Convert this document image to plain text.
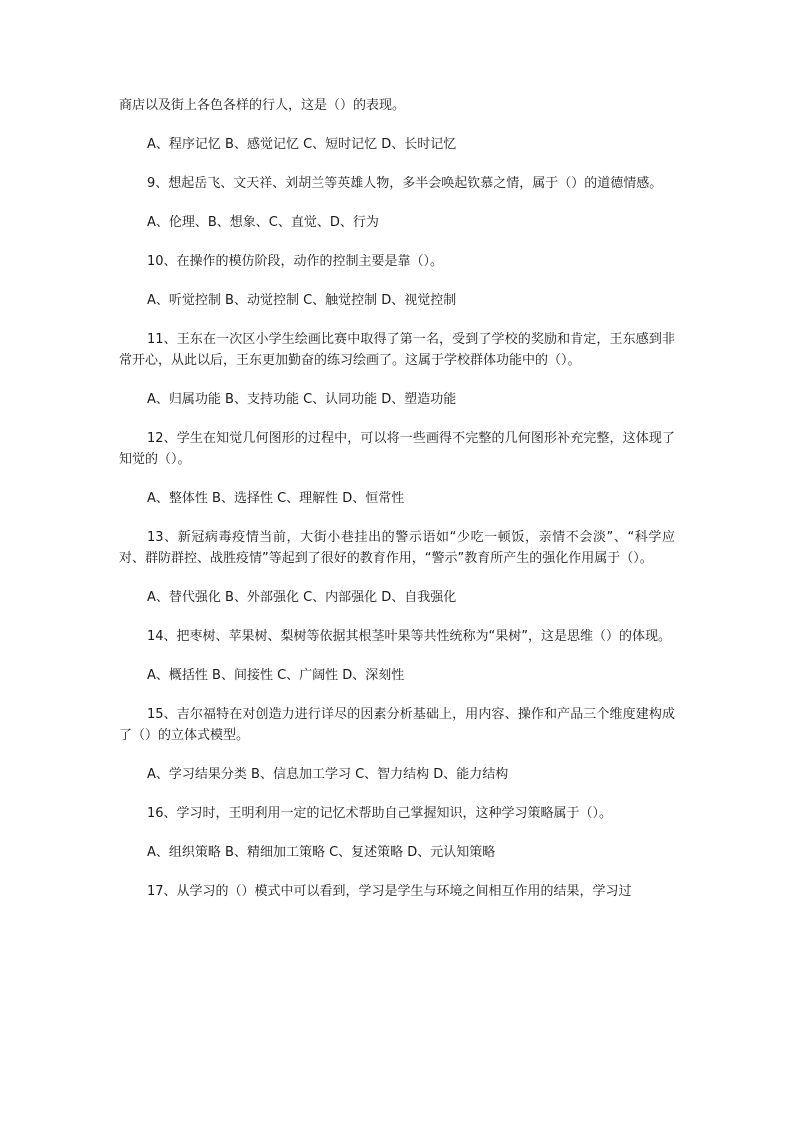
商店以及街上各色各样的行人，这是（）的表现。

A、程序记忆 B、感觉记忆 C、短时记忆 D、长时记忆

9、想起岳飞、文天祥、刘胡兰等英雄人物，多半会唤起钦慕之情，属于（）的道德情感。

A、伦理、B、想象、C、直觉、D、行为

10、在操作的模仿阶段，动作的控制主要是靠（）。

A、听觉控制 B、动觉控制 C、触觉控制 D、视觉控制

11、王东在一次区小学生绘画比赛中取得了第一名，受到了学校的奖励和肯定，王东感到非常开心，从此以后，王东更加勤奋的练习绘画了。这属于学校群体功能中的（）。

A、归属功能 B、支持功能 C、认同功能 D、塑造功能

12、学生在知觉几何图形的过程中，可以将一些画得不完整的几何图形补充完整，这体现了知觉的（）。

A、整体性 B、选择性 C、理解性 D、恒常性

13、新冠病毒疫情当前，大街小巷挂出的警示语如“少吃一顿饭，亲情不会淡”、“科学应对、群防群控、战胜疫情”等起到了很好的教育作用，“警示”教育所产生的强化作用属于（）。

A、替代强化 B、外部强化 C、内部强化 D、自我强化

14、把枣树、苹果树、梨树等依据其根茎叶果等共性统称为“果树”，这是思维（）的体现。

A、概括性 B、间接性 C、广阔性 D、深刻性

15、吉尔福特在对创造力进行详尽的因素分析基础上，用内容、操作和产品三个维度建构成了（）的立体式模型。

A、学习结果分类 B、信息加工学习 C、智力结构 D、能力结构

16、学习时，王明利用一定的记忆术帮助自己掌握知识，这种学习策略属于（）。

A、组织策略 B、精细加工策略 C、复述策略 D、元认知策略

17、从学习的（）模式中可以看到，学习是学生与环境之间相互作用的结果，学习过
